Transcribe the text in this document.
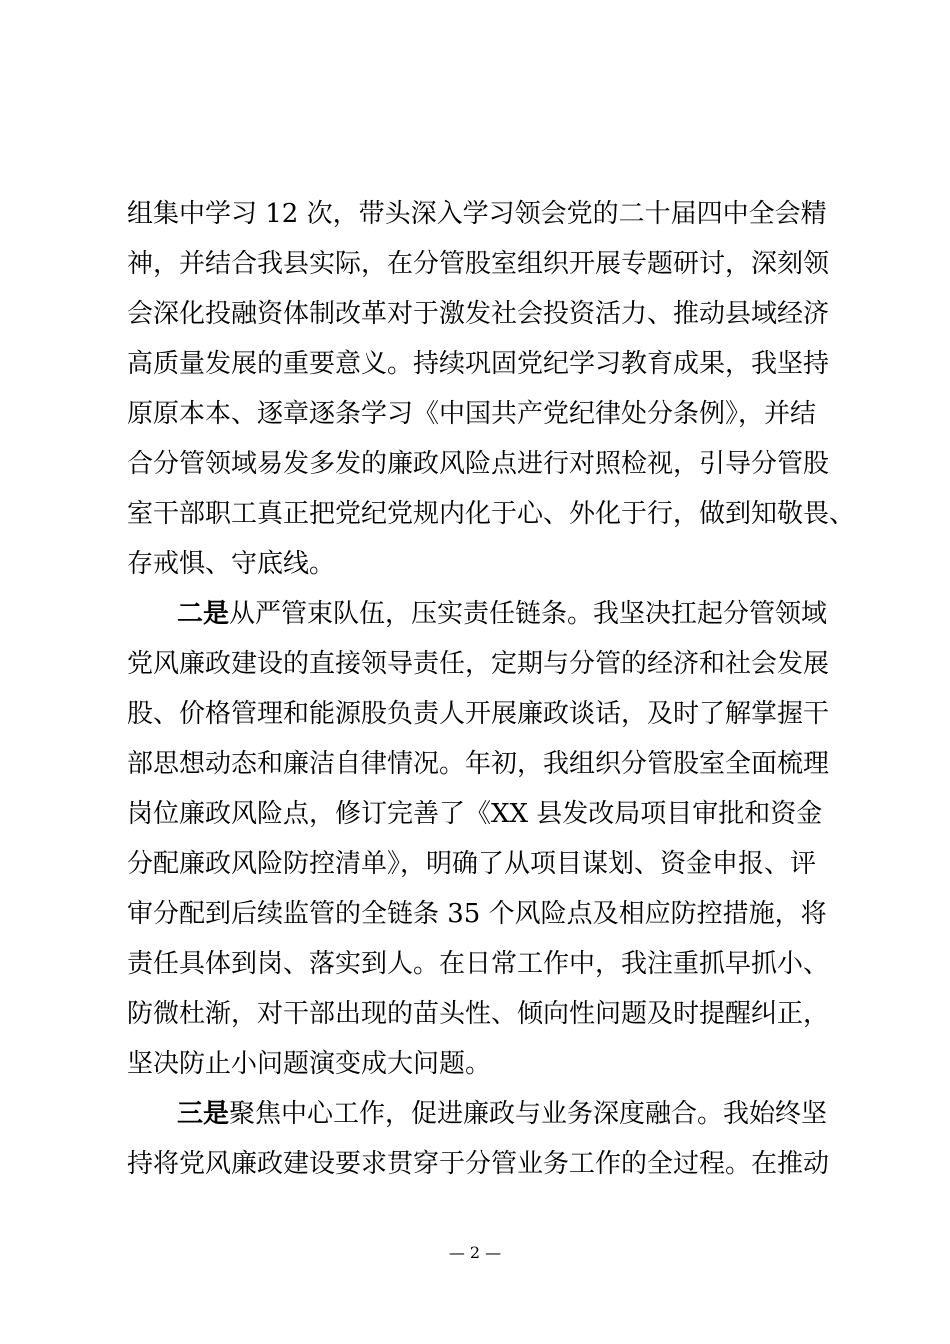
组集中学习 12 次，带头深入学习领会党的二十届四中全会精
神，并结合我县实际，在分管股室组织开展专题研讨，深刻领
会深化投融资体制改革对于激发社会投资活力、推动县域经济
高质量发展的重要意义。持续巩固党纪学习教育成果，我坚持
原原本本、逐章逐条学习《中国共产党纪律处分条例》，并结
合分管领域易发多发的廉政风险点进行对照检视，引导分管股
室干部职工真正把党纪党规内化于心、外化于行，做到知敬畏、
存戒惧、守底线。
二是从严管束队伍，压实责任链条。我坚决扛起分管领域
党风廉政建设的直接领导责任，定期与分管的经济和社会发展
股、价格管理和能源股负责人开展廉政谈话，及时了解掌握干
部思想动态和廉洁自律情况。年初，我组织分管股室全面梳理
岗位廉政风险点，修订完善了《XX 县发改局项目审批和资金
分配廉政风险防控清单》，明确了从项目谋划、资金申报、评
审分配到后续监管的全链条 35 个风险点及相应防控措施，将
责任具体到岗、落实到人。在日常工作中，我注重抓早抓小、
防微杜渐，对干部出现的苗头性、倾向性问题及时提醒纠正，
坚决防止小问题演变成大问题。
三是聚焦中心工作，促进廉政与业务深度融合。我始终坚
持将党风廉政建设要求贯穿于分管业务工作的全过程。在推动
— 2 —
